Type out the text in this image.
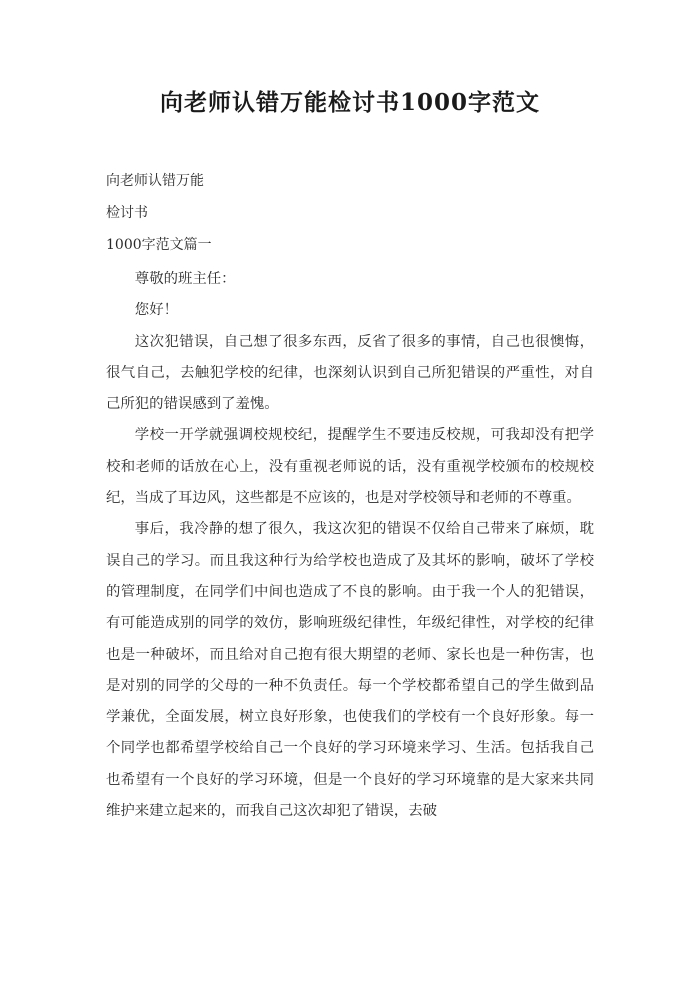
向老师认错万能检讨书1000字范文
向老师认错万能
检讨书
1000字范文篇一

尊敬的班主任：

您好！

这次犯错误，自己想了很多东西，反省了很多的事情，自己也很懊悔，很气自己，去触犯学校的纪律，也深刻认识到自己所犯错误的严重性，对自己所犯的错误感到了羞愧。

学校一开学就强调校规校纪，提醒学生不要违反校规，可我却没有把学校和老师的话放在心上，没有重视老师说的话，没有重视学校颁布的校规校纪，当成了耳边风，这些都是不应该的，也是对学校领导和老师的不尊重。

事后，我冷静的想了很久，我这次犯的错误不仅给自己带来了麻烦，耽误自己的学习。而且我这种行为给学校也造成了及其坏的影响，破坏了学校的管理制度，在同学们中间也造成了不良的影响。由于我一个人的犯错误，有可能造成别的同学的效仿，影响班级纪律性，年级纪律性，对学校的纪律也是一种破坏，而且给对自己抱有很大期望的老师、家长也是一种伤害，也是对别的同学的父母的一种不负责任。每一个学校都希望自己的学生做到品学兼优，全面发展，树立良好形象，也使我们的学校有一个良好形象。每一个同学也都希望学校给自己一个良好的学习环境来学习、生活。包括我自己也希望有一个良好的学习环境，但是一个良好的学习环境靠的是大家来共同维护来建立起来的，而我自己这次却犯了错误，去破
